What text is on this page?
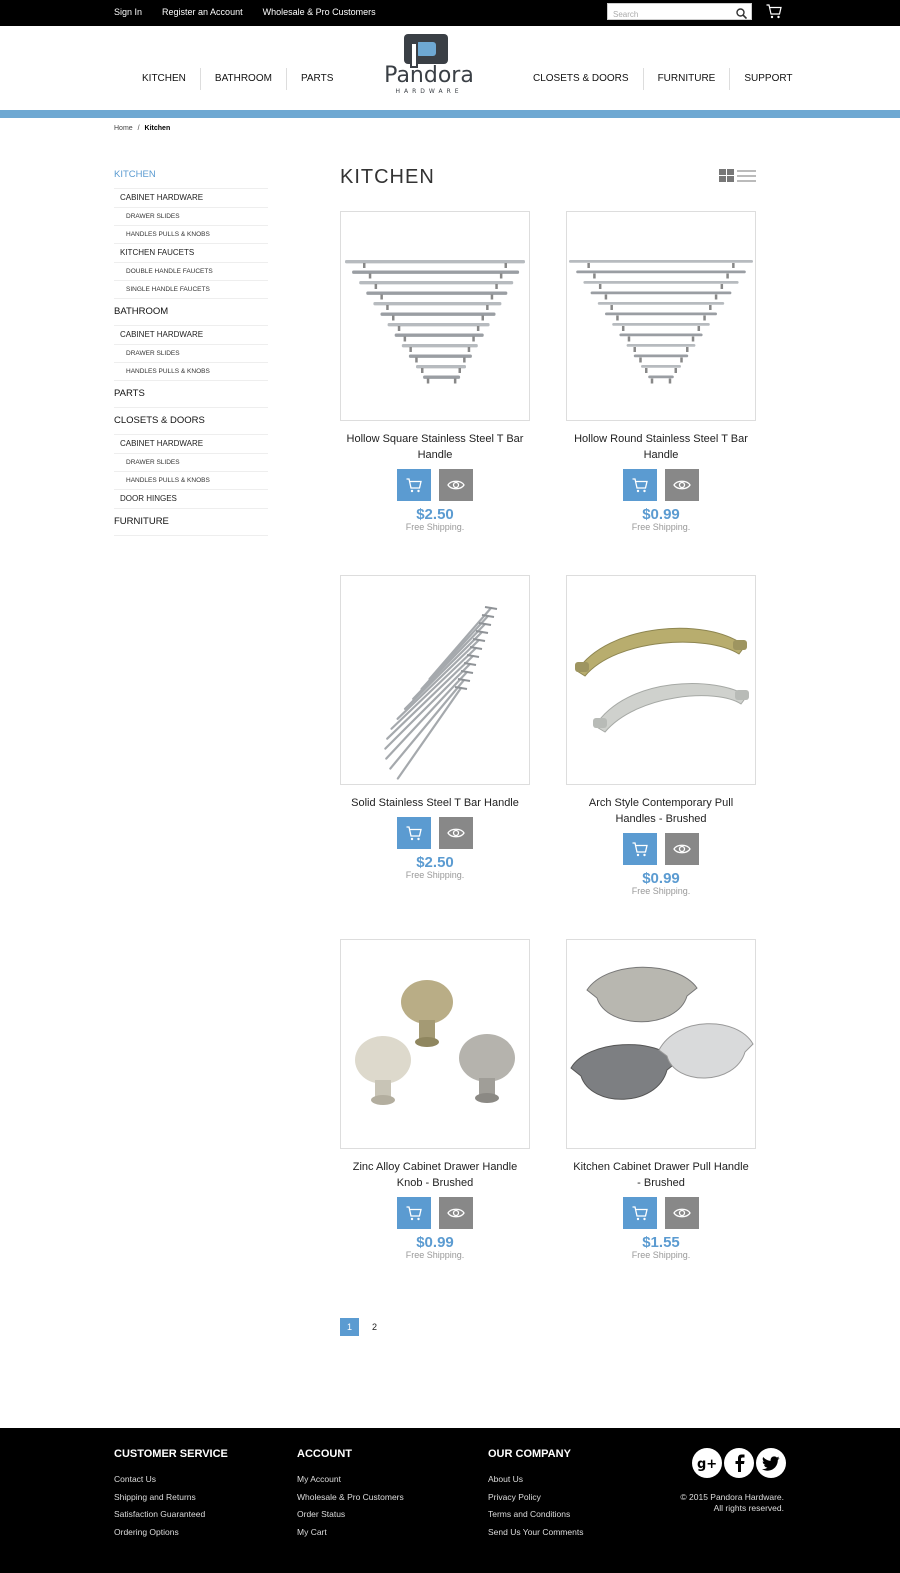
Sign In Register an Account Wholesale & Pro Customers
Search
KITCHEN	BATHROOM	PARTS	Pandora
HARDWARE
CLOSETS & DOORS	FURNITURE	SUPPORT
Home / Kitchen
KITCHEN
CABINET HARDWARE
DRAWER SLIDES
HANDLES PULLS & KNOBS
KITCHEN FAUCETS
DOUBLE HANDLE FAUCETS
SINGLE HANDLE FAUCETS
BATHROOM
CABINET HARDWARE
DRAWER SLIDES
HANDLES PULLS & KNOBS
PARTS
CLOSETS & DOORS
CABINET HARDWARE
DRAWER SLIDES
HANDLES PULLS & KNOBS
DOOR HINGES
FURNITURE
KITCHEN
Hollow Square Stainless Steel T Bar Handle
$2.50
Free Shipping.
Hollow Round Stainless Steel T Bar Handle
$0.99
Free Shipping.
Solid Stainless Steel T Bar Handle
$2.50
Free Shipping.
Arch Style Contemporary Pull Handles - Brushed
$0.99
Free Shipping.
Zinc Alloy Cabinet Drawer Handle Knob - Brushed
$0.99
Free Shipping.
Kitchen Cabinet Drawer Pull Handle - Brushed
$1.55
Free Shipping.
1	2
CUSTOMER SERVICE
Contact Us
Shipping and Returns
Satisfaction Guaranteed
Ordering Options
ACCOUNT
My Account
Wholesale & Pro Customers
Order Status
My Cart
OUR COMPANY
About Us
Privacy Policy
Terms and Conditions
Send Us Your Comments
g+
© 2015 Pandora Hardware.
All rights reserved.
